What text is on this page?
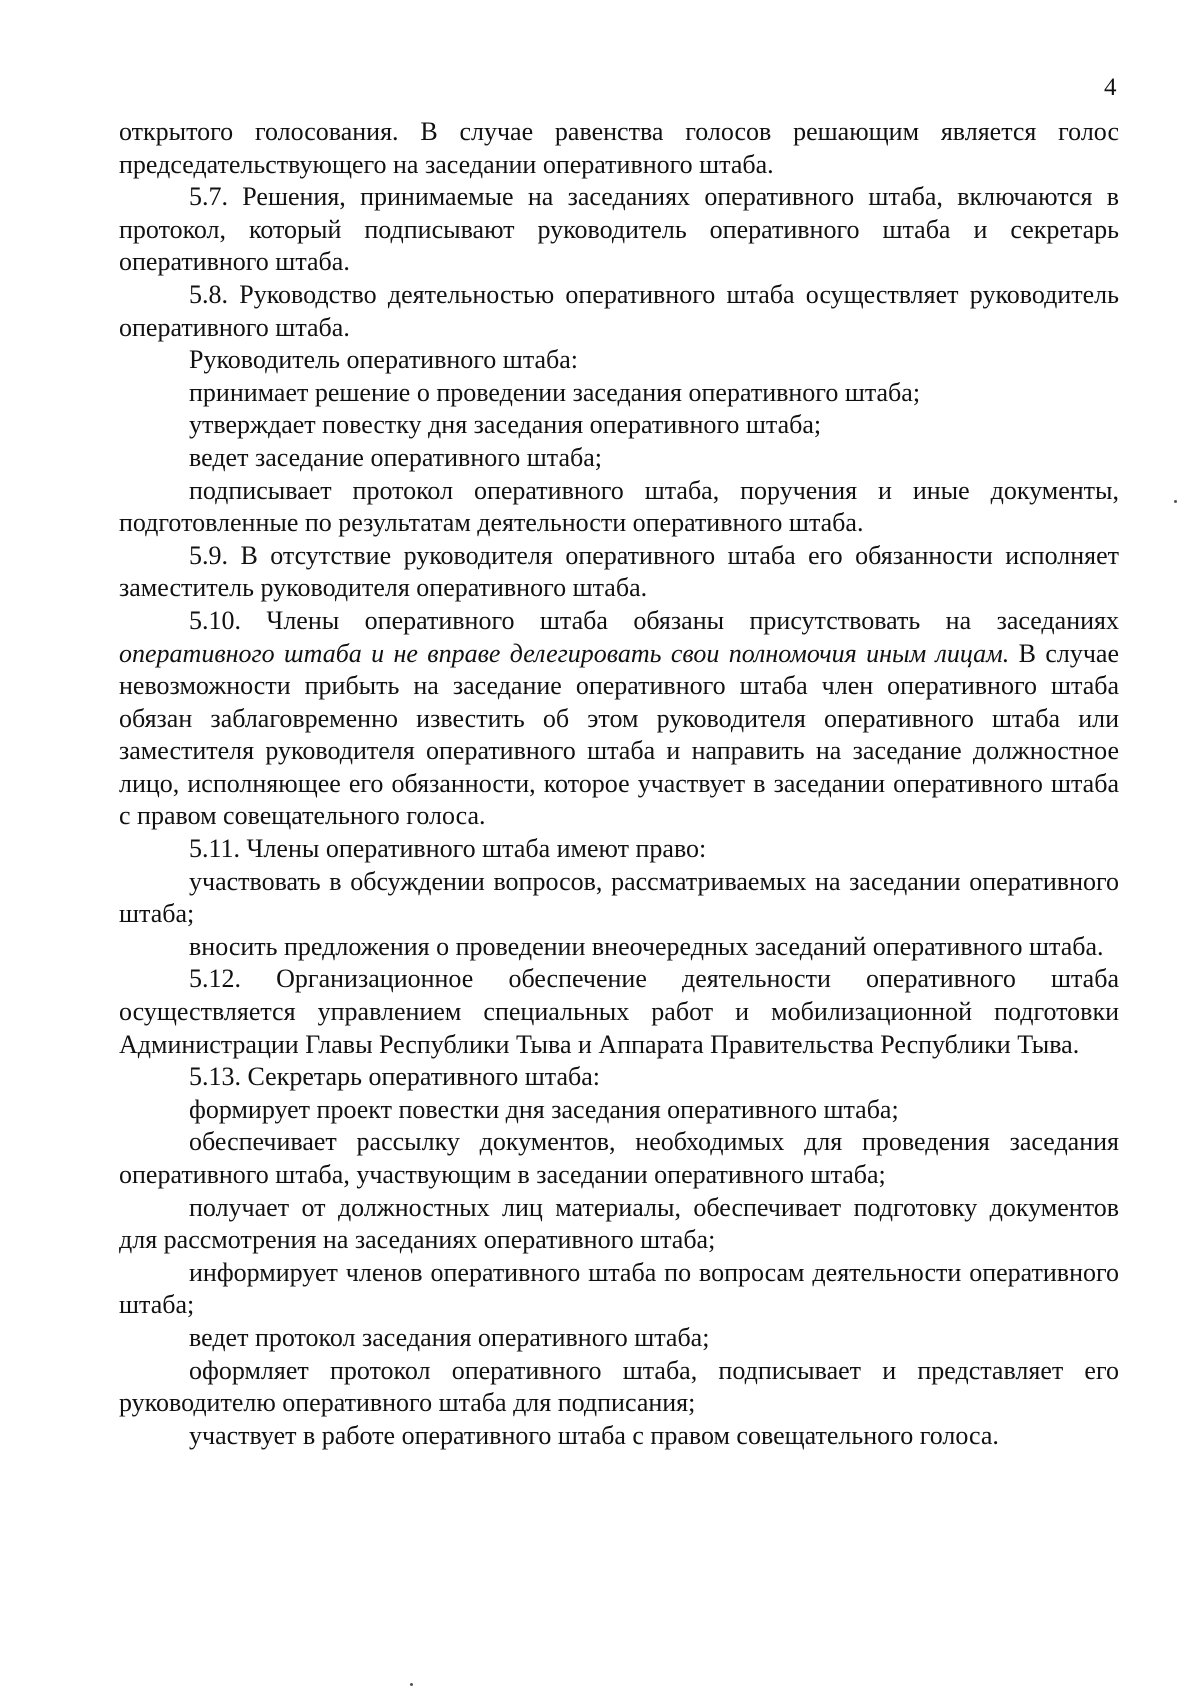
4

открытого голосования. В случае равенства голосов решающим является голос председательствующего на заседании оперативного штаба.

5.7. Решения, принимаемые на заседаниях оперативного штаба, включаются в протокол, который подписывают руководитель оперативного штаба и секретарь оперативного штаба.

5.8. Руководство деятельностью оперативного штаба осуществляет руководитель оперативного штаба.

Руководитель оперативного штаба:

принимает решение о проведении заседания оперативного штаба;

утверждает повестку дня заседания оперативного штаба;

ведет заседание оперативного штаба;

подписывает протокол оперативного штаба, поручения и иные документы, подготовленные по результатам деятельности оперативного штаба.

5.9. В отсутствие руководителя оперативного штаба его обязанности исполняет заместитель руководителя оперативного штаба.

5.10. Члены оперативного штаба обязаны присутствовать на заседаниях оперативного штаба и не вправе делегировать свои полномочия иным лицам. В случае невозможности прибыть на заседание оперативного штаба член оперативного штаба обязан заблаговременно известить об этом руководителя оперативного штаба или заместителя руководителя оперативного штаба и направить на заседание должностное лицо, исполняющее его обязанности, которое участвует в заседании оперативного штаба с правом совещательного голоса.

5.11. Члены оперативного штаба имеют право:

участвовать в обсуждении вопросов, рассматриваемых на заседании оперативного штаба;

вносить предложения о проведении внеочередных заседаний оперативного штаба.

5.12. Организационное обеспечение деятельности оперативного штаба осуществляется управлением специальных работ и мобилизационной подготовки Администрации Главы Республики Тыва и Аппарата Правительства Республики Тыва.

5.13. Секретарь оперативного штаба:

формирует проект повестки дня заседания оперативного штаба;

обеспечивает рассылку документов, необходимых для проведения заседания оперативного штаба, участвующим в заседании оперативного штаба;

получает от должностных лиц материалы, обеспечивает подготовку документов для рассмотрения на заседаниях оперативного штаба;

информирует членов оперативного штаба по вопросам деятельности оперативного штаба;

ведет протокол заседания оперативного штаба;

оформляет протокол оперативного штаба, подписывает и представляет его руководителю оперативного штаба для подписания;

участвует в работе оперативного штаба с правом совещательного голоса.
